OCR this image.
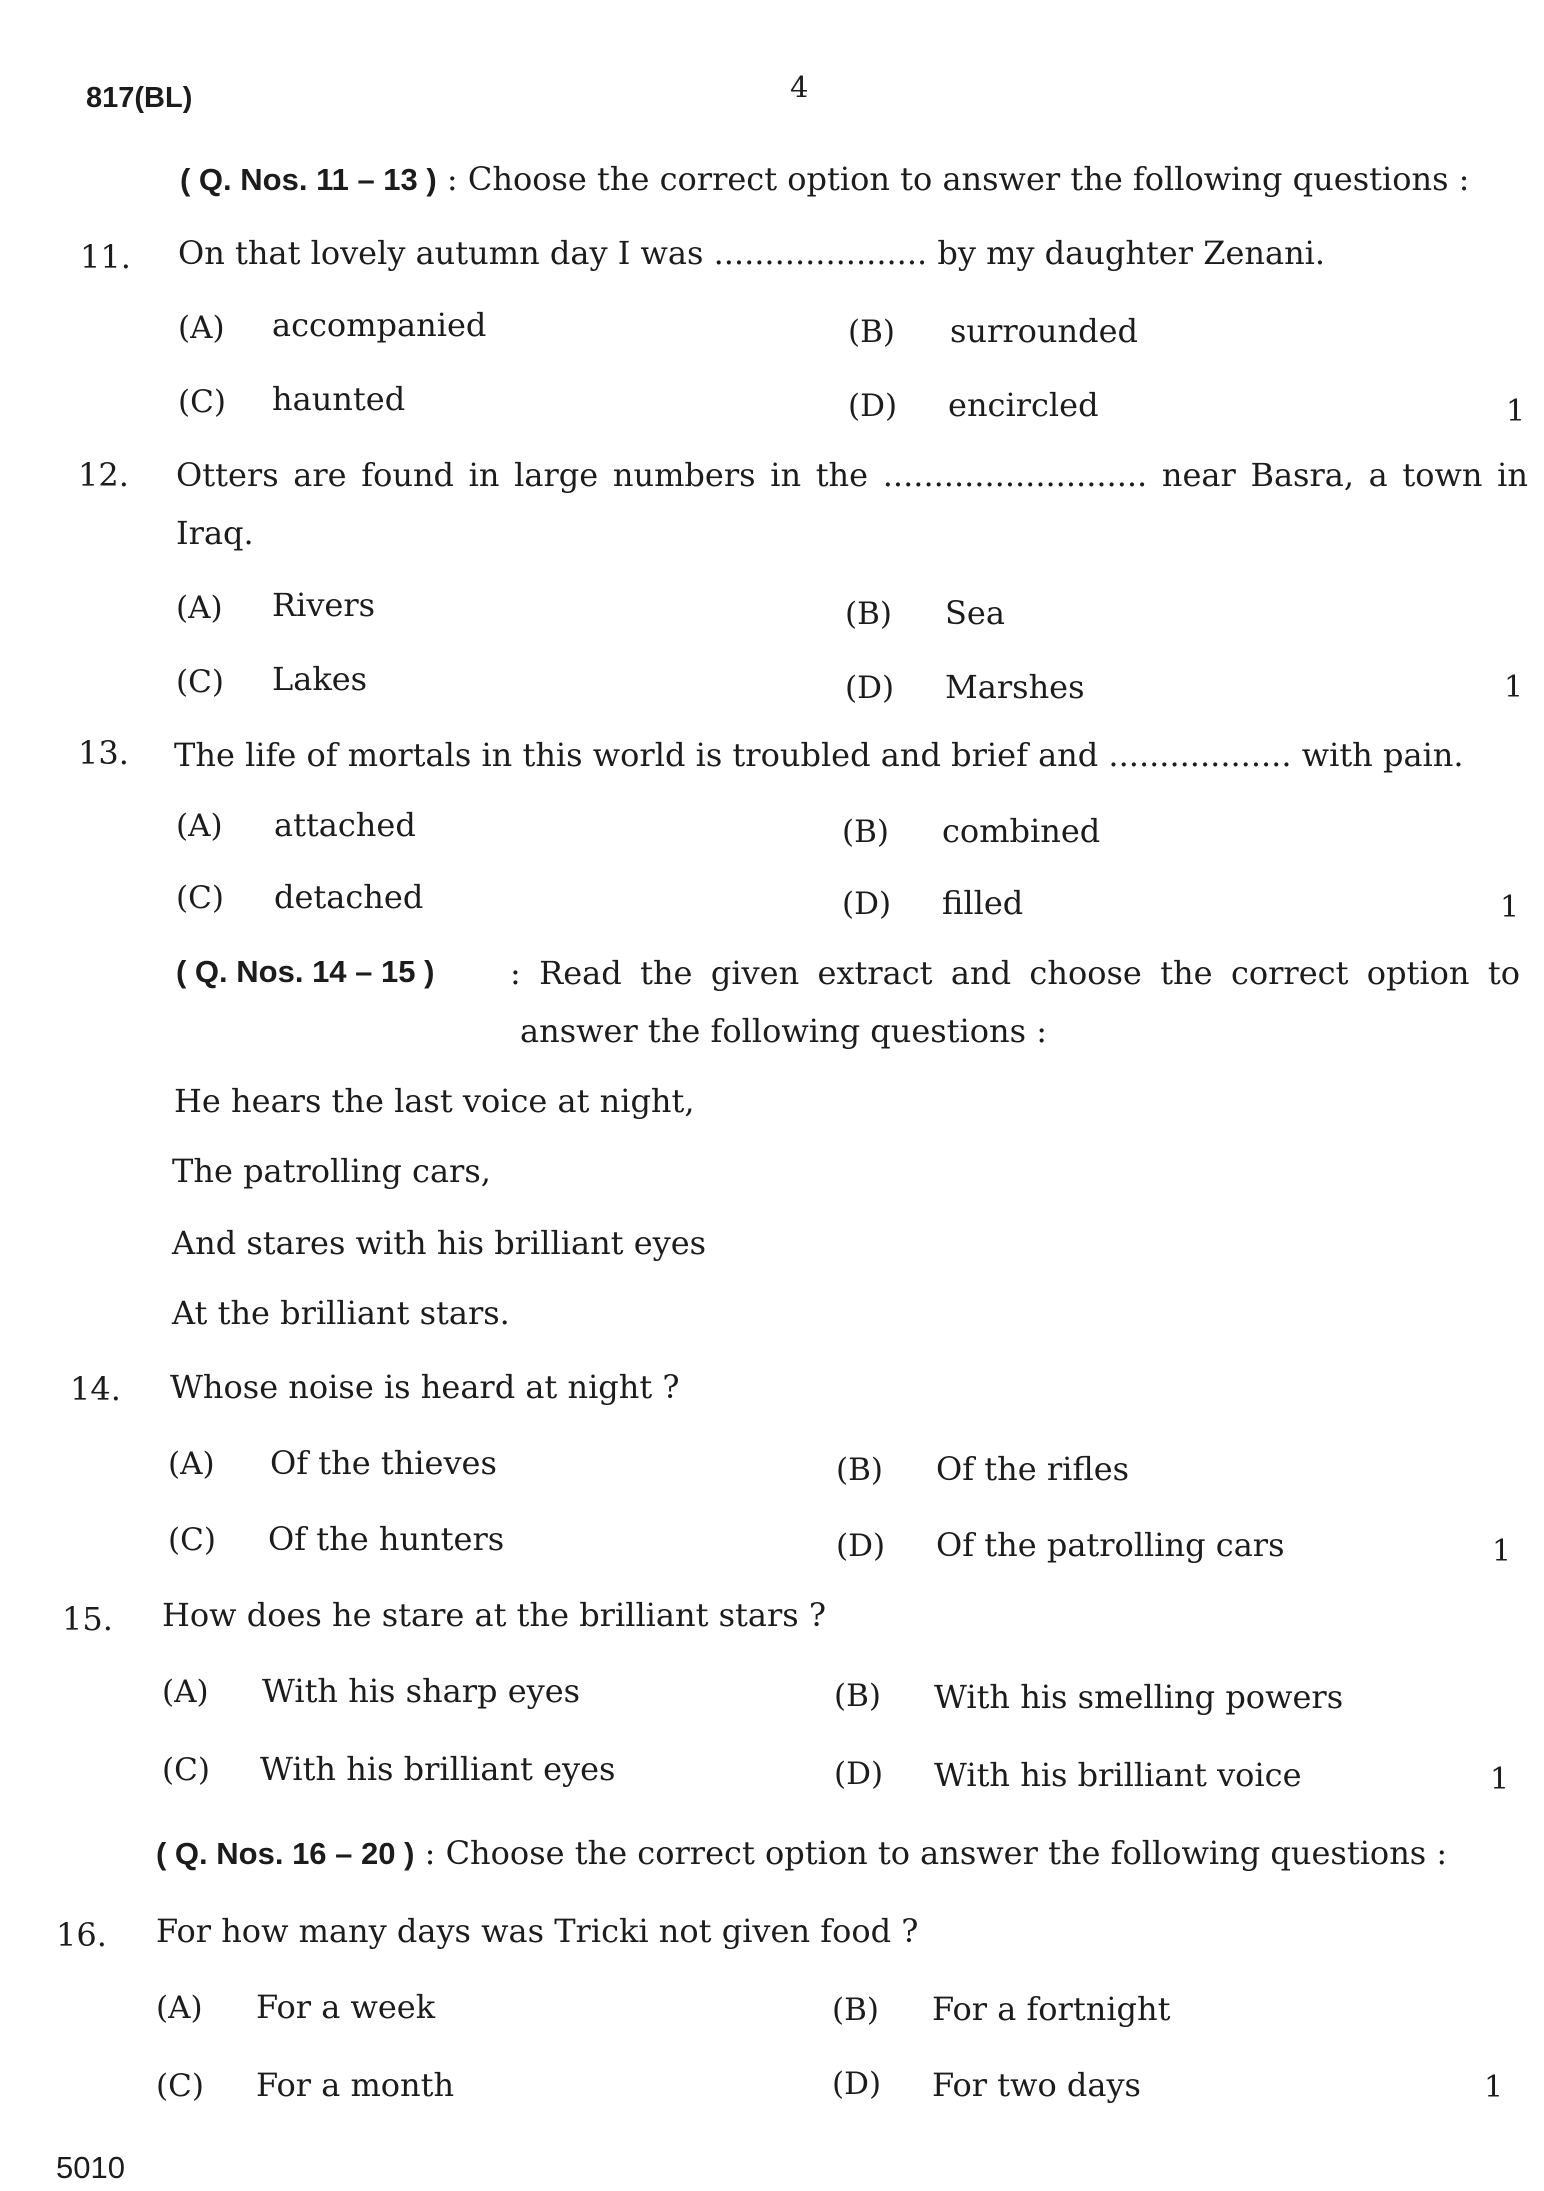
817(BL)	4
5010
( Q. Nos. 11 – 13 ) : Choose the correct option to answer the following questions :
11. On that lovely autumn day I was ..................... by my daughter Zenani.
(A) accompanied	(B) surrounded
(C) haunted	(D) encircled	1
12. Otters are found in large numbers in the .......................... near Basra, a town in
Iraq.
(A) Rivers	(B) Sea
(C) Lakes	(D) Marshes	1
13. The life of mortals in this world is troubled and brief and .................. with pain.
(A) attached	(B) combined
(C) detached	(D) filled	1
( Q. Nos. 14 – 15 ) : Read the given extract and choose the correct option to
answer the following questions :
He hears the last voice at night,
The patrolling cars,
And stares with his brilliant eyes
At the brilliant stars.
14. Whose noise is heard at night ?
(A) Of the thieves	(B) Of the rifles
(C) Of the hunters	(D) Of the patrolling cars	1
15. How does he stare at the brilliant stars ?
(A) With his sharp eyes	(B) With his smelling powers
(C) With his brilliant eyes	(D) With his brilliant voice	1
( Q. Nos. 16 – 20 ) : Choose the correct option to answer the following questions :
16. For how many days was Tricki not given food ?
(A) For a week	(B) For a fortnight
(C) For a month	(D) For two days	1
